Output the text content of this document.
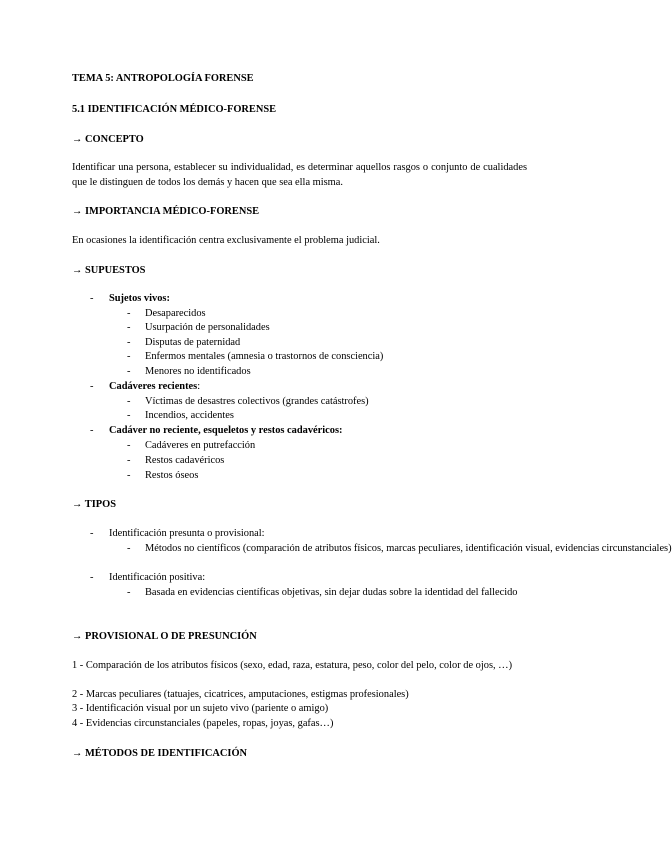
TEMA 5: ANTROPOLOGÍA FORENSE
5.1 IDENTIFICACIÓN MÉDICO-FORENSE
→ CONCEPTO
Identificar una persona, establecer su individualidad, es determinar aquellos rasgos o conjunto de cualidades que le distinguen de todos los demás y hacen que sea ella misma.
→ IMPORTANCIA MÉDICO-FORENSE
En ocasiones la identificación centra exclusivamente el problema judicial.
→ SUPUESTOS
- Sujetos vivos:
- Desaparecidos
- Usurpación de personalidades
- Disputas de paternidad
- Enfermos mentales (amnesia o trastornos de consciencia)
- Menores no identificados
- Cadáveres recientes:
- Víctimas de desastres colectivos (grandes catástrofes)
- Incendios, accidentes
- Cadáver no reciente, esqueletos y restos cadavéricos:
- Cadáveres en putrefacción
- Restos cadavéricos
- Restos óseos
→ TIPOS
- Identificación presunta o provisional:
- Métodos no científicos (comparación de atributos físicos, marcas peculiares, identificación visual, evidencias circunstanciales)
- Identificación positiva:
- Basada en evidencias científicas objetivas, sin dejar dudas sobre la identidad del fallecido
→ PROVISIONAL O DE PRESUNCIÓN
1 - Comparación de los atributos físicos (sexo, edad, raza, estatura, peso, color del pelo, color de ojos, …)
2 - Marcas peculiares (tatuajes, cicatrices, amputaciones, estigmas profesionales)
3 - Identificación visual por un sujeto vivo (pariente o amigo)
4 - Evidencias circunstanciales (papeles, ropas, joyas, gafas…)
→ MÉTODOS DE IDENTIFICACIÓN
